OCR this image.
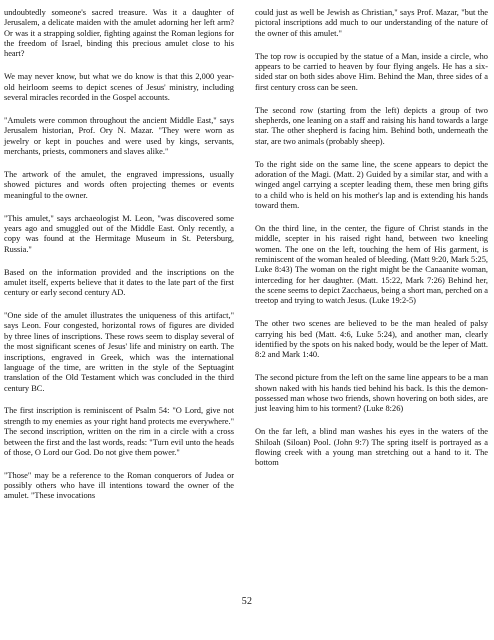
undoubtedly someone's sacred treasure. Was it a daughter of Jerusalem, a delicate maiden with the amulet adorning her left arm? Or was it a strapping soldier, fighting against the Roman legions for the freedom of Israel, binding this precious amulet close to his heart?

We may never know, but what we do know is that this 2,000 year-old heirloom seems to depict scenes of Jesus' ministry, including several miracles recorded in the Gospel accounts.

"Amulets were common throughout the ancient Middle East," says Jerusalem historian, Prof. Ory N. Mazar. "They were worn as jewelry or kept in pouches and were used by kings, servants, merchants, priests, commoners and slaves alike."

The artwork of the amulet, the engraved impressions, usually showed pictures and words often projecting themes or events meaningful to the owner.

"This amulet," says archaeologist M. Leon, "was discovered some years ago and smuggled out of the Middle East. Only recently, a copy was found at the Hermitage Museum in St. Petersburg, Russia."

Based on the information provided and the inscriptions on the amulet itself, experts believe that it dates to the late part of the first century or early second century AD.

"One side of the amulet illustrates the uniqueness of this artifact," says Leon. Four congested, horizontal rows of figures are divided by three lines of inscriptions. These rows seem to display several of the most significant scenes of Jesus' life and ministry on earth. The inscriptions, engraved in Greek, which was the international language of the time, are written in the style of the Septuagint translation of the Old Testament which was concluded in the third century BC.

The first inscription is reminiscent of Psalm 54: "O Lord, give not strength to my enemies as your right hand protects me everywhere." The second inscription, written on the rim in a circle with a cross between the first and the last words, reads: "Turn evil unto the heads of those, O Lord our God. Do not give them power."

"Those" may be a reference to the Roman conquerors of Judea or possibly others who have ill intentions toward the owner of the amulet. "These invocations

could just as well be Jewish as Christian," says Prof. Mazar, "but the pictoral inscriptions add much to our understanding of the nature of the owner of this amulet."

The top row is occupied by the statue of a Man, inside a circle, who appears to be carried to heaven by four flying angels. He has a six-sided star on both sides above Him. Behind the Man, three sides of a first century cross can be seen.

The second row (starting from the left) depicts a group of two shepherds, one leaning on a staff and raising his hand towards a large star. The other shepherd is facing him. Behind both, underneath the star, are two animals (probably sheep).

To the right side on the same line, the scene appears to depict the adoration of the Magi. (Matt. 2) Guided by a similar star, and with a winged angel carrying a scepter leading them, these men bring gifts to a child who is held on his mother's lap and is extending his hands toward them.

On the third line, in the center, the figure of Christ stands in the middle, scepter in his raised right hand, between two kneeling women. The one on the left, touching the hem of His garment, is reminiscent of the woman healed of bleeding. (Matt 9:20, Mark 5:25, Luke 8:43) The woman on the right might be the Canaanite woman, interceding for her daughter. (Matt. 15:22, Mark 7:26) Behind her, the scene seems to depict Zacchaeus, being a short man, perched on a treetop and trying to watch Jesus. (Luke 19:2-5)

The other two scenes are believed to be the man healed of palsy carrying his bed (Matt. 4:6, Luke 5:24), and another man, clearly identified by the spots on his naked body, would be the leper of Matt. 8:2 and Mark 1:40.

The second picture from the left on the same line appears to be a man shown naked with his hands tied behind his back. Is this the demon-possessed man whose two friends, shown hovering on both sides, are just leaving him to his torment? (Luke 8:26)

On the far left, a blind man washes his eyes in the waters of the Shiloah (Siloan) Pool. (John 9:7) The spring itself is portrayed as a flowing creek with a young man stretching out a hand to it. The bottom

52
